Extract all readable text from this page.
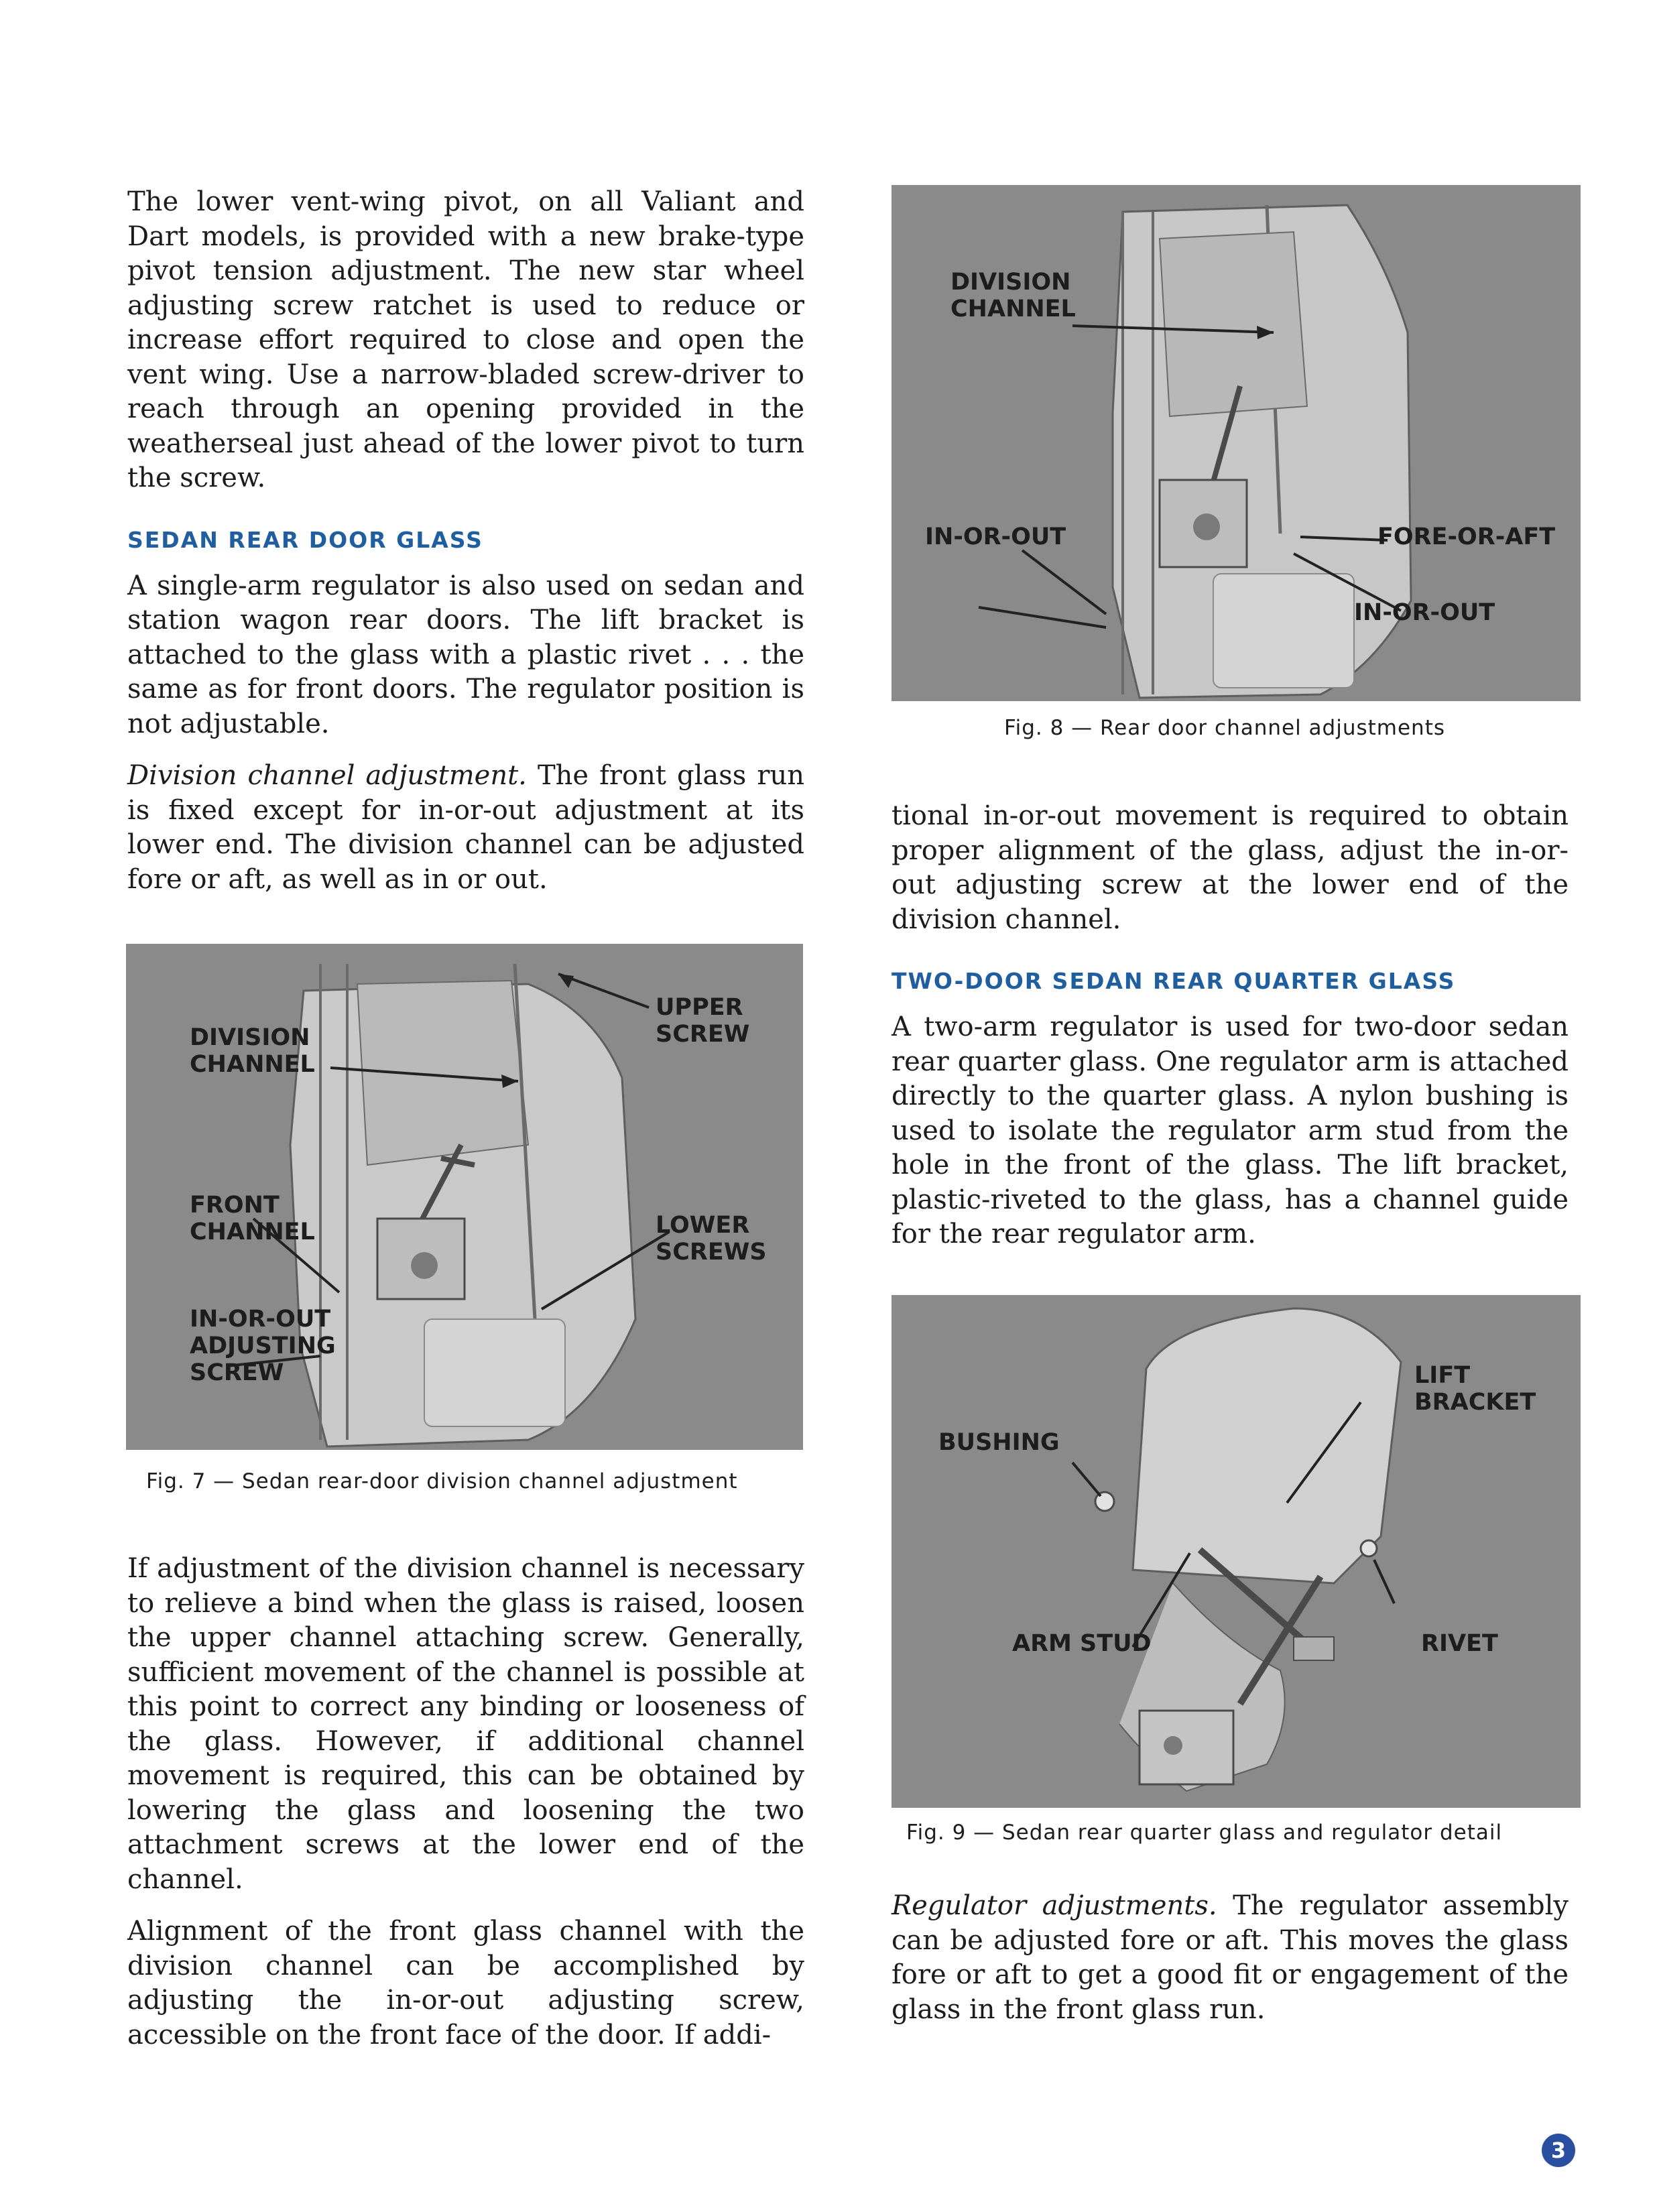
The lower vent-wing pivot, on all Valiant and Dart models, is provided with a new brake-type pivot tension adjustment. The new star wheel adjusting screw ratchet is used to reduce or increase effort required to close and open the vent wing. Use a narrow-bladed screw-driver to reach through an opening provided in the weatherseal just ahead of the lower pivot to turn the screw.

SEDAN REAR DOOR GLASS

A single-arm regulator is also used on sedan and station wagon rear doors. The lift bracket is attached to the glass with a plastic rivet . . . the same as for front doors. The regulator position is not adjustable.

Division channel adjustment. The front glass run is fixed except for in-or-out adjustment at its lower end. The division channel can be adjusted fore or aft, as well as in or out.

DIVISION
CHANNEL
UPPER
SCREW
FRONT
CHANNEL	LOWER
SCREWS
IN-OR-OUT
ADJUSTING
SCREW
Fig. 7 — Sedan rear-door division channel adjustment

If adjustment of the division channel is necessary to relieve a bind when the glass is raised, loosen the upper channel attaching screw. Generally, sufficient movement of the channel is possible at this point to correct any binding or looseness of the glass. However, if additional channel movement is required, this can be obtained by lowering the glass and loosening the two attachment screws at the lower end of the channel.

Alignment of the front glass channel with the division channel can be accomplished by adjusting the in-or-out adjusting screw, accessible on the front face of the door. If addi-

DIVISION
CHANNEL
IN-OR-OUT	FORE-OR-AFT
IN-OR-OUT
Fig. 8 — Rear door channel adjustments

tional in-or-out movement is required to obtain proper alignment of the glass, adjust the in-or-out adjusting screw at the lower end of the division channel.

TWO-DOOR SEDAN REAR QUARTER GLASS

A two-arm regulator is used for two-door sedan rear quarter glass. One regulator arm is attached directly to the quarter glass. A nylon bushing is used to isolate the regulator arm stud from the hole in the front of the glass. The lift bracket, plastic-riveted to the glass, has a channel guide for the rear regulator arm.

BUSHING
LIFT
BRACKET
ARM STUD	RIVET
Fig. 9 — Sedan rear quarter glass and regulator detail

Regulator adjustments. The regulator assembly can be adjusted fore or aft. This moves the glass fore or aft to get a good fit or engagement of the glass in the front glass run.

3
